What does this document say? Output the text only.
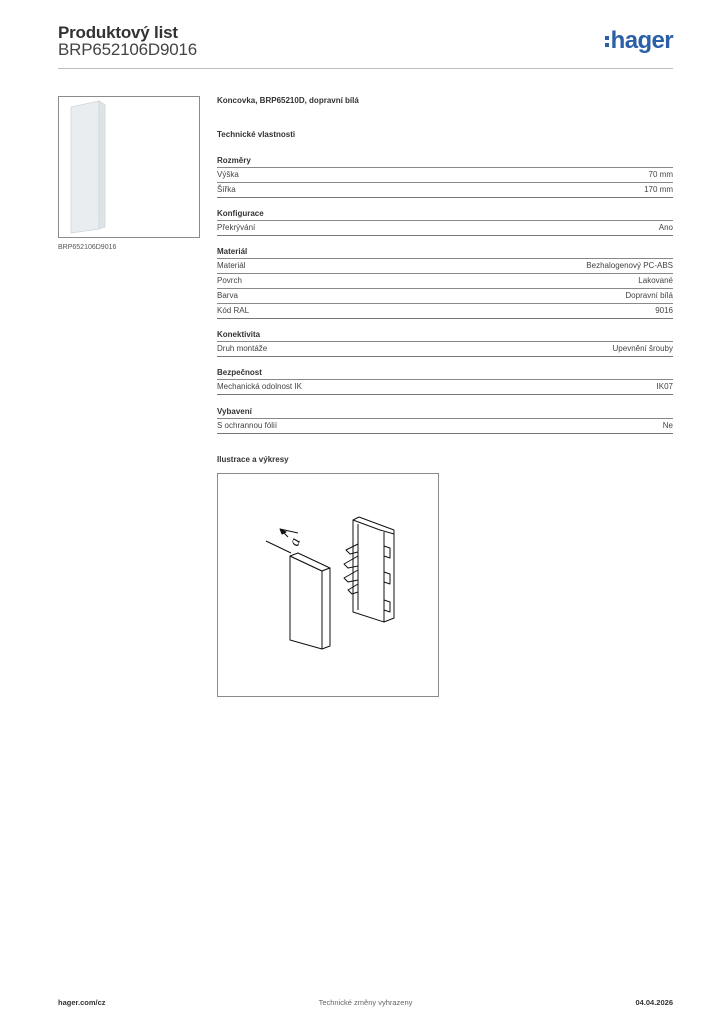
Produktový list
BRP652106D9016	hager
BRP652106D9016
Koncovka, BRP65210D, dopravní bílá
Technické vlastnosti
Rozměry
Výška	70 mm
Šířka	170 mm
Konfigurace
Překrývání	Ano
Materiál
Materiál	Bezhalogenový PC-ABS
Povrch	Lakované
Barva	Dopravní bílá
Kód RAL	9016
Konektivita
Druh montáže	Upevnění šrouby
Bezpečnost
Mechanická odolnost IK	IK07
Vybavení
S ochrannou fólií	Ne
Ilustrace a výkresy
a
hager.com/cz	Technické změny vyhrazeny	04.04.2026
